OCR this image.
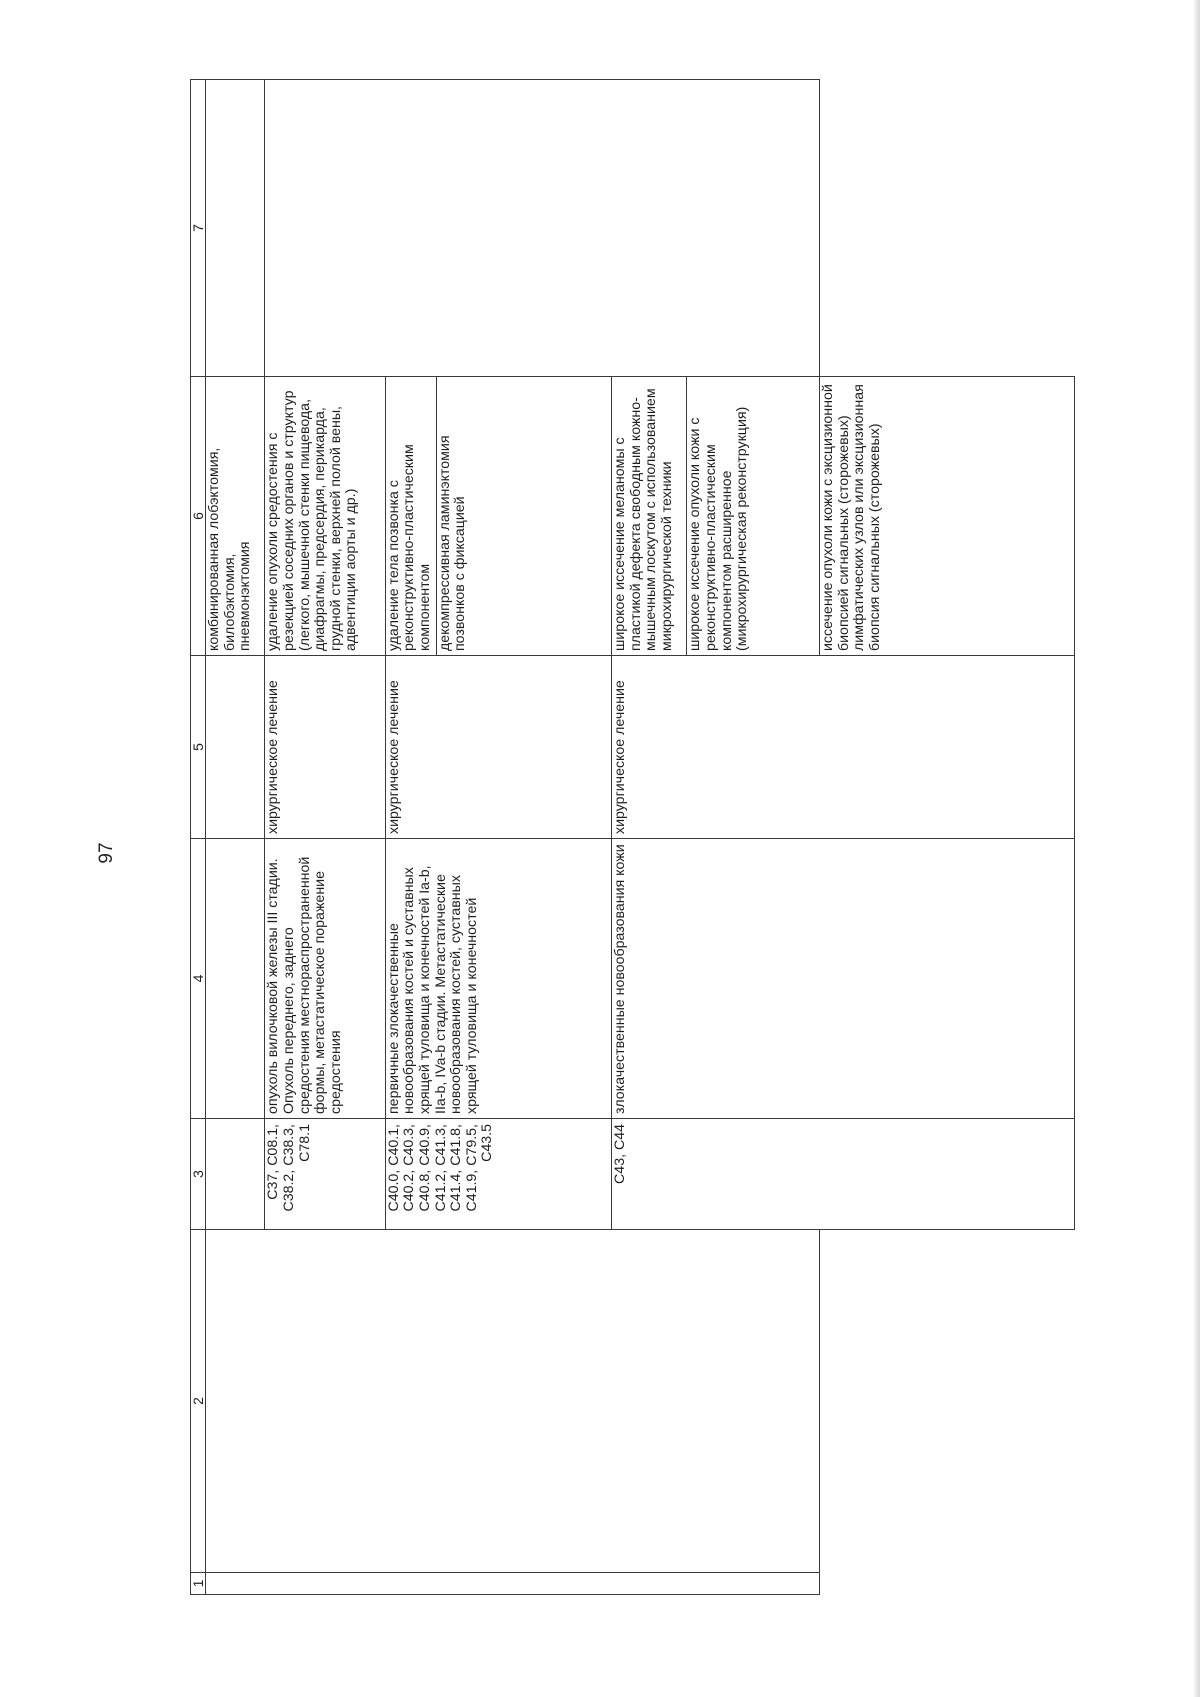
97
1	2	3	4	5	6	7
					комбинированная лобэктомия,
билобэктомия,
пневмонэктомия	
		C37, C08.1, C38.2, C38.3, C78.1	опухоль вилочковой железы III стадии. Опухоль переднего, заднего средостения местнораспространенной формы, метастатическое поражение средостения	хирургическое лечение	удаление опухоли средостения с резекцией соседних органов и структур (легкого, мышечной стенки пищевода, диафрагмы, предсердия, перикарда, грудной стенки, верхней полой вены, адвентиции аорты и др.)	
		C40.0, C40.1, C40.2, C40.3, C40.8, C40.9, C41.2, C41.3, C41.4, C41.8, C41.9, C79.5, C43.5	первичные злокачественные новообразования костей и суставных хрящей туловища и конечностей Ia-b, IIa-b, IVa-b стадии. Метастатические новообразования костей, суставных хрящей туловища и конечностей	хирургическое лечение	удаление тела позвонка с реконструктивно-пластическим компонентом	
					декомпрессивная ламинэктомия позвонков с фиксацией	
		C43, C44	злокачественные новообразования кожи	хирургическое лечение	широкое иссечение меланомы с пластикой дефекта свободным кожно-мышечным лоскутом с использованием микрохирургической техники	
					широкое иссечение опухоли кожи с реконструктивно-пластическим компонентом расширенное (микрохирургическая реконструкция)	
					иссечение опухоли кожи с эксцизионной биопсией сигнальных (сторожевых) лимфатических узлов или эксцизионная биопсия сигнальных (сторожевых)	
